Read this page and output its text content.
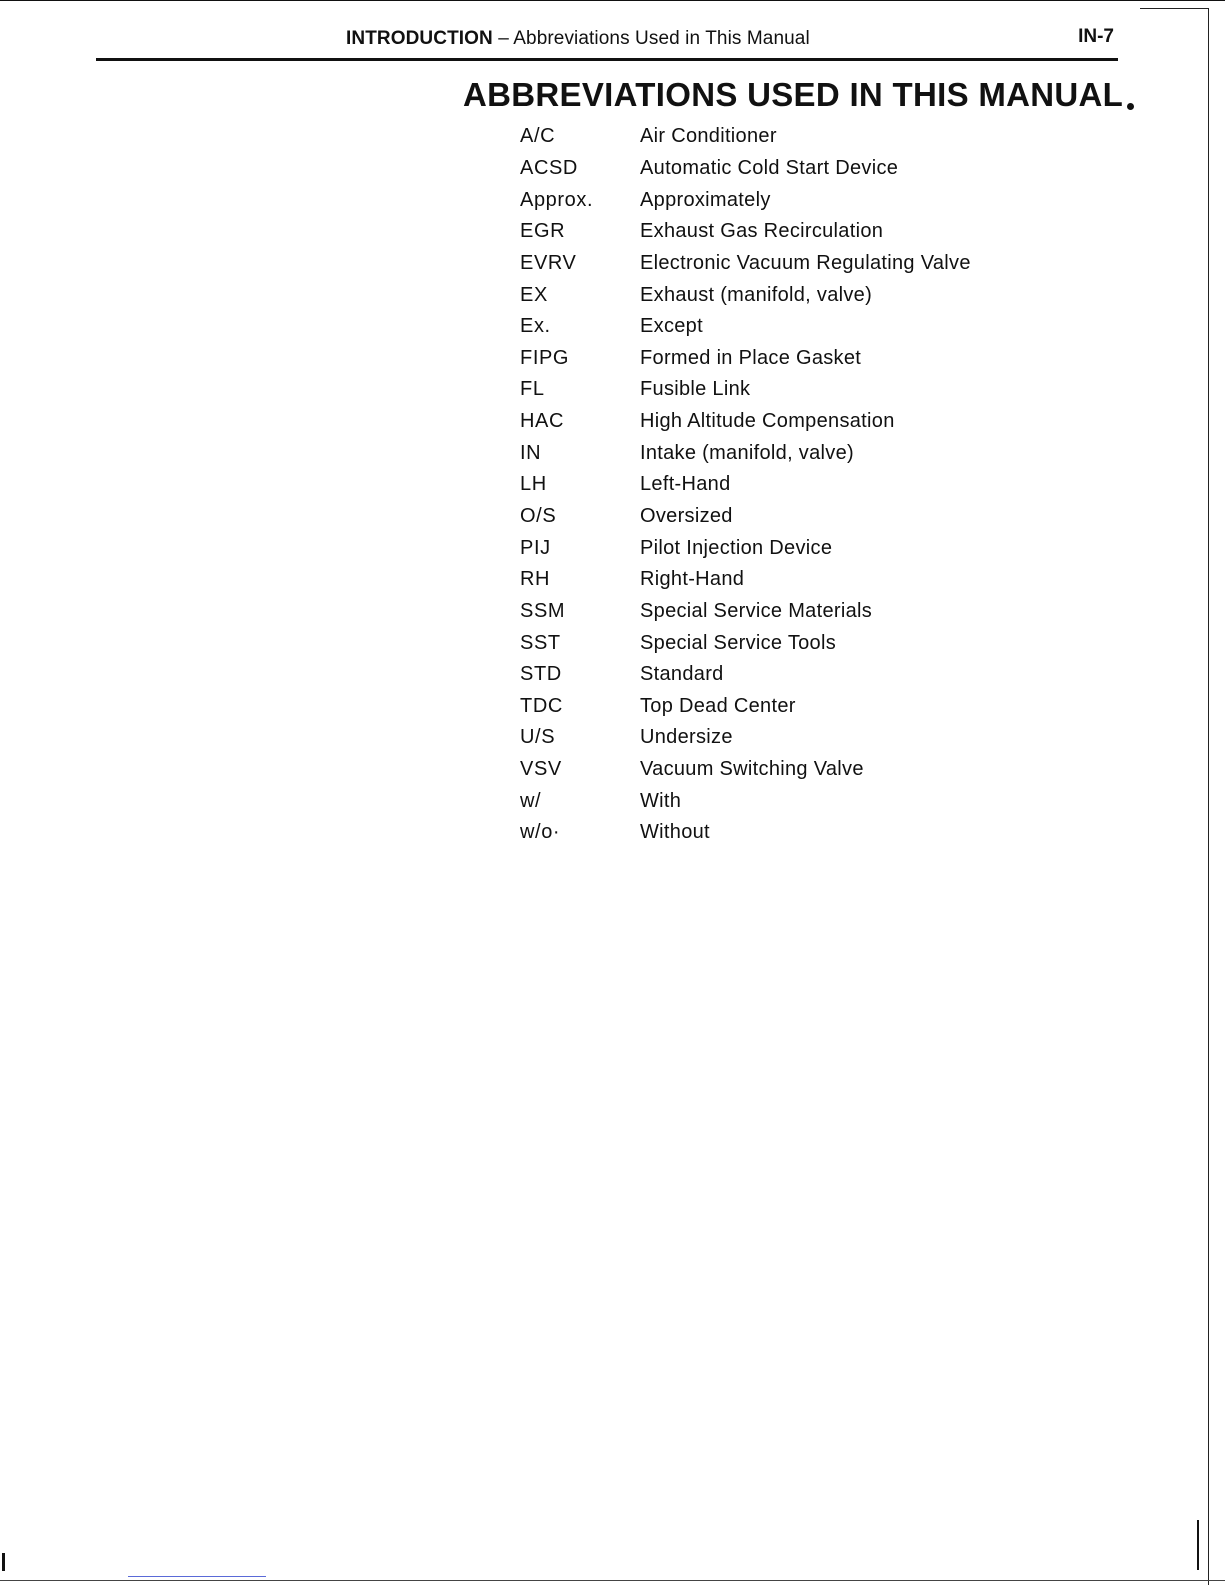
INTRODUCTION – Abbreviations Used in This Manual	IN-7
ABBREVIATIONS USED IN THIS MANUAL
A/C	Air Conditioner
ACSD	Automatic Cold Start Device
Approx.	Approximately
EGR	Exhaust Gas Recirculation
EVRV	Electronic Vacuum Regulating Valve
EX	Exhaust (manifold, valve)
Ex.	Except
FIPG	Formed in Place Gasket
FL	Fusible Link
HAC	High Altitude Compensation
IN	Intake (manifold, valve)
LH	Left-Hand
O/S	Oversized
PIJ	Pilot Injection Device
RH	Right-Hand
SSM	Special Service Materials
SST	Special Service Tools
STD	Standard
TDC	Top Dead Center
U/S	Undersize
VSV	Vacuum Switching Valve
w/	With
w/o·	Without
